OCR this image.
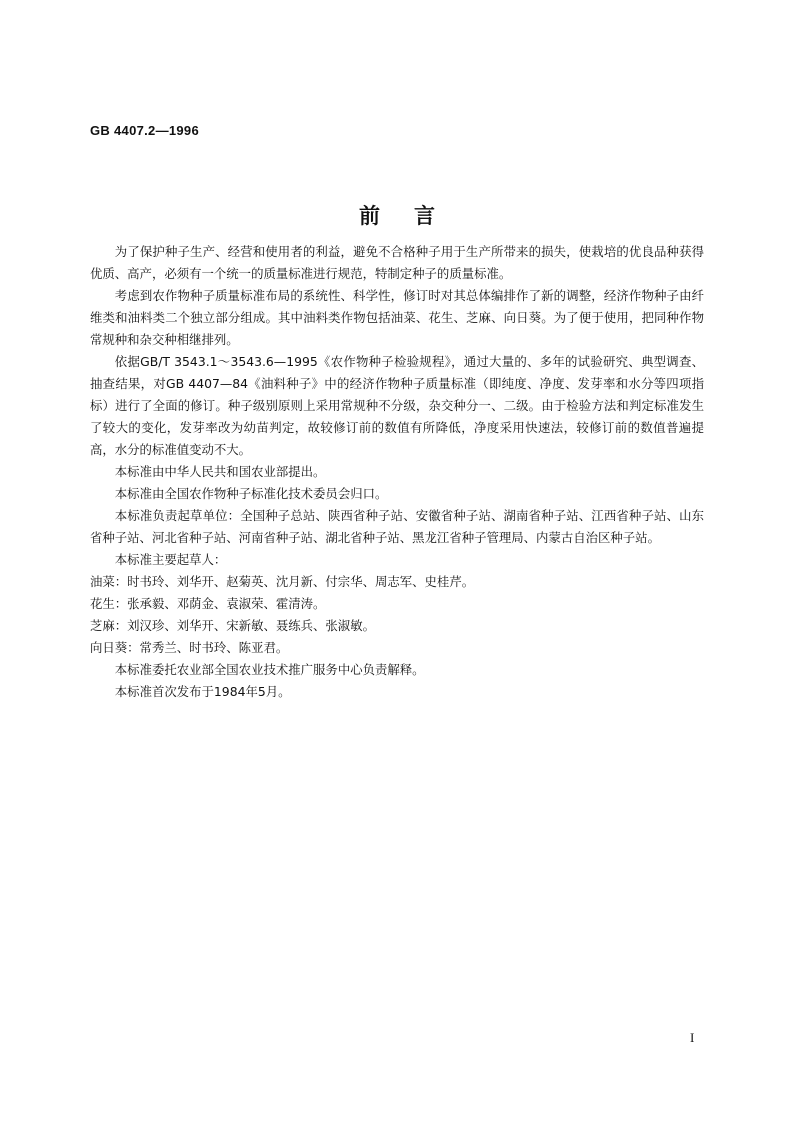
GB 4407.2—1996
前言

为了保护种子生产、经营和使用者的利益，避免不合格种子用于生产所带来的损失，使栽培的优良品种获得优质、高产，必须有一个统一的质量标准进行规范，特制定种子的质量标准。

考虑到农作物种子质量标准布局的系统性、科学性，修订时对其总体编排作了新的调整，经济作物种子由纤维类和油料类二个独立部分组成。其中油料类作物包括油菜、花生、芝麻、向日葵。为了便于使用，把同种作物常规种和杂交种相继排列。

依据GB/T 3543.1～3543.6—1995《农作物种子检验规程》，通过大量的、多年的试验研究、典型调查、抽查结果，对GB 4407—84《油料种子》中的经济作物种子质量标准（即纯度、净度、发芽率和水分等四项指标）进行了全面的修订。种子级别原则上采用常规种不分级，杂交种分一、二级。由于检验方法和判定标准发生了较大的变化，发芽率改为幼苗判定，故较修订前的数值有所降低，净度采用快速法，较修订前的数值普遍提高，水分的标准值变动不大。

本标准由中华人民共和国农业部提出。

本标准由全国农作物种子标准化技术委员会归口。

本标准负责起草单位：全国种子总站、陕西省种子站、安徽省种子站、湖南省种子站、江西省种子站、山东省种子站、河北省种子站、河南省种子站、湖北省种子站、黑龙江省种子管理局、内蒙古自治区种子站。

本标准主要起草人：

油菜：时书玲、刘华开、赵菊英、沈月新、付宗华、周志军、史桂芹。

花生：张承毅、邓荫金、袁淑荣、霍清涛。

芝麻：刘汉珍、刘华开、宋新敏、聂练兵、张淑敏。

向日葵：常秀兰、时书玲、陈亚君。

本标准委托农业部全国农业技术推广服务中心负责解释。

本标准首次发布于1984年5月。

I
